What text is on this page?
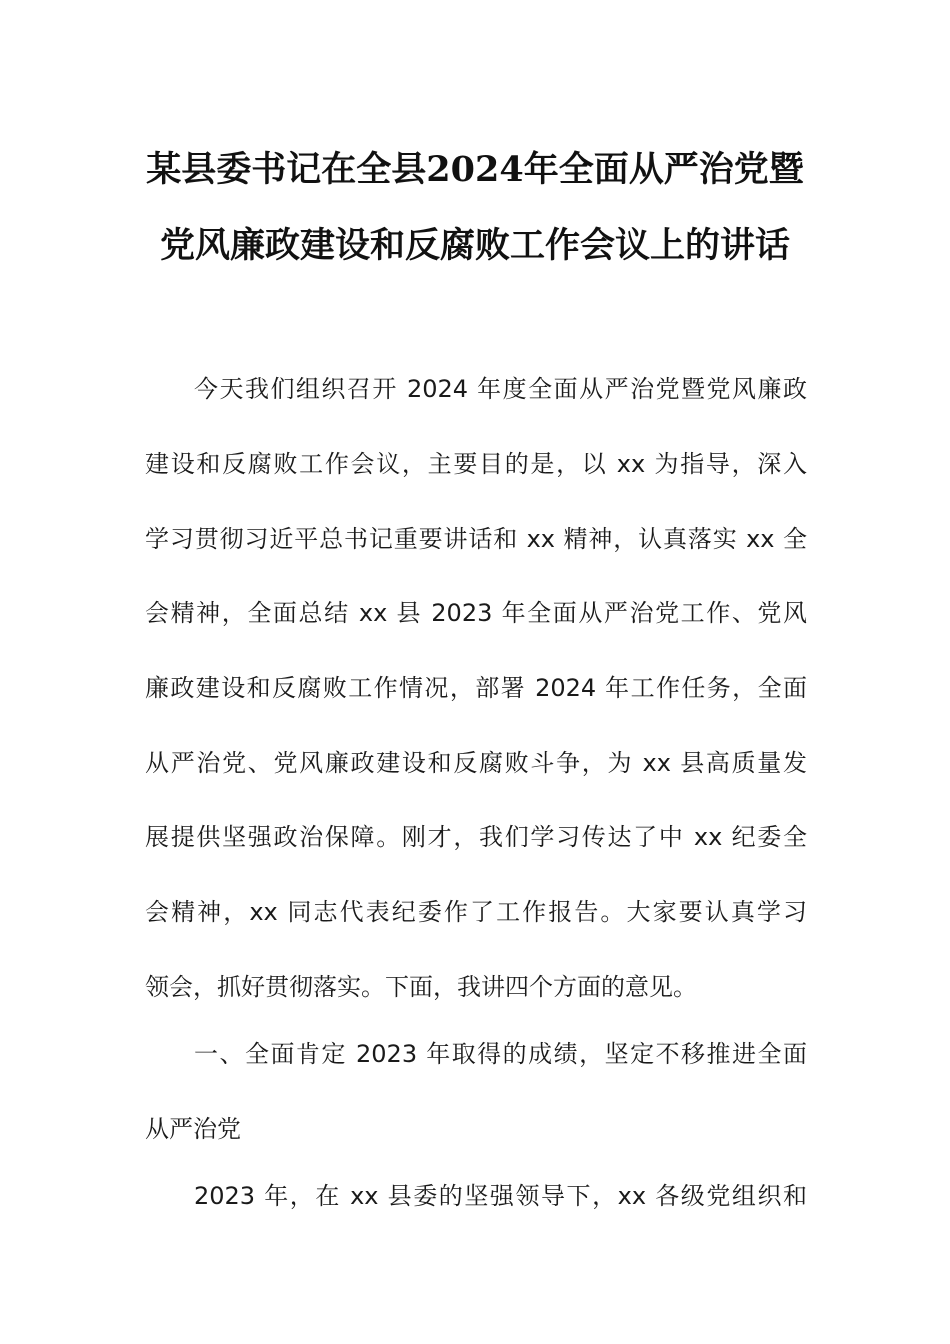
某县委书记在全县2024年全面从严治党暨
党风廉政建设和反腐败工作会议上的讲话
今天我们组织召开 2024 年度全面从严治党暨党风廉政
建设和反腐败工作会议，主要目的是，以 xx 为指导，深入
学习贯彻习近平总书记重要讲话和 xx 精神，认真落实 xx 全
会精神，全面总结 xx 县 2023 年全面从严治党工作、党风
廉政建设和反腐败工作情况，部署 2024 年工作任务，全面
从严治党、党风廉政建设和反腐败斗争，为 xx 县高质量发
展提供坚强政治保障。刚才，我们学习传达了中 xx 纪委全
会精神，xx 同志代表纪委作了工作报告。大家要认真学习
领会，抓好贯彻落实。下面，我讲四个方面的意见。
一、全面肯定 2023 年取得的成绩，坚定不移推进全面
从严治党
2023 年，在 xx 县委的坚强领导下，xx 各级党组织和
